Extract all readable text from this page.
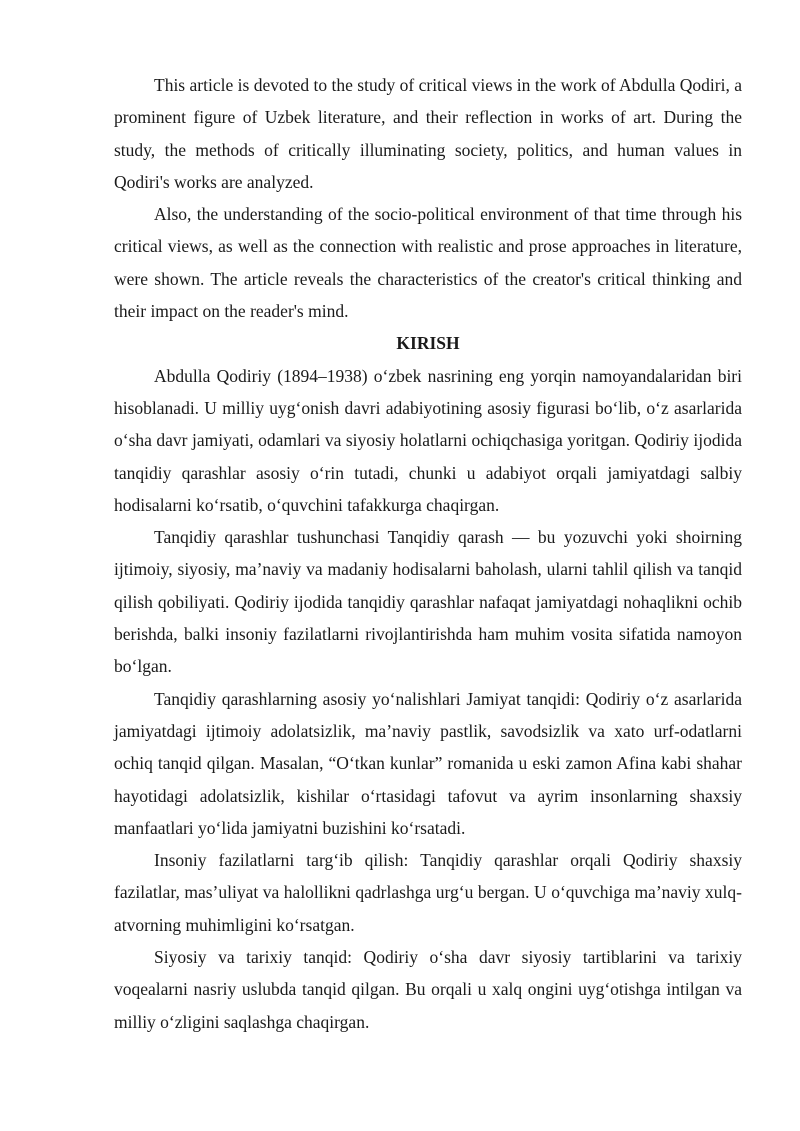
This article is devoted to the study of critical views in the work of Abdulla Qodiri, a prominent figure of Uzbek literature, and their reflection in works of art. During the study, the methods of critically illuminating society, politics, and human values in Qodiri's works are analyzed.

Also, the understanding of the socio-political environment of that time through his critical views, as well as the connection with realistic and prose approaches in literature, were shown. The article reveals the characteristics of the creator's critical thinking and their impact on the reader's mind.

KIRISH

Abdulla Qodiriy (1894–1938) o‘zbek nasrining eng yorqin namoyandalaridan biri hisoblanadi. U milliy uyg‘onish davri adabiyotining asosiy figurasi bo‘lib, o‘z asarlarida o‘sha davr jamiyati, odamlari va siyosiy holatlarni ochiqchasiga yoritgan. Qodiriy ijodida tanqidiy qarashlar asosiy o‘rin tutadi, chunki u adabiyot orqali jamiyatdagi salbiy hodisalarni ko‘rsatib, o‘quvchini tafakkurga chaqirgan.

Tanqidiy qarashlar tushunchasi Tanqidiy qarash — bu yozuvchi yoki shoirning ijtimoiy, siyosiy, ma’naviy va madaniy hodisalarni baholash, ularni tahlil qilish va tanqid qilish qobiliyati. Qodiriy ijodida tanqidiy qarashlar nafaqat jamiyatdagi nohaqlikni ochib berishda, balki insoniy fazilatlarni rivojlantirishda ham muhim vosita sifatida namoyon bo‘lgan.

Tanqidiy qarashlarning asosiy yo‘nalishlari Jamiyat tanqidi: Qodiriy o‘z asarlarida jamiyatdagi ijtimoiy adolatsizlik, ma’naviy pastlik, savodsizlik va xato urf-odatlarni ochiq tanqid qilgan. Masalan, “O‘tkan kunlar” romanida u eski zamon Afina kabi shahar hayotidagi adolatsizlik, kishilar o‘rtasidagi tafovut va ayrim insonlarning shaxsiy manfaatlari yo‘lida jamiyatni buzishini ko‘rsatadi.

Insoniy fazilatlarni targ‘ib qilish: Tanqidiy qarashlar orqali Qodiriy shaxsiy fazilatlar, mas’uliyat va halollikni qadrlashga urg‘u bergan. U o‘quvchiga ma’naviy xulq-atvorning muhimligini ko‘rsatgan.

Siyosiy va tarixiy tanqid: Qodiriy o‘sha davr siyosiy tartiblarini va tarixiy voqealarni nasriy uslubda tanqid qilgan. Bu orqali u xalq ongini uyg‘otishga intilgan va milliy o‘zligini saqlashga chaqirgan.
